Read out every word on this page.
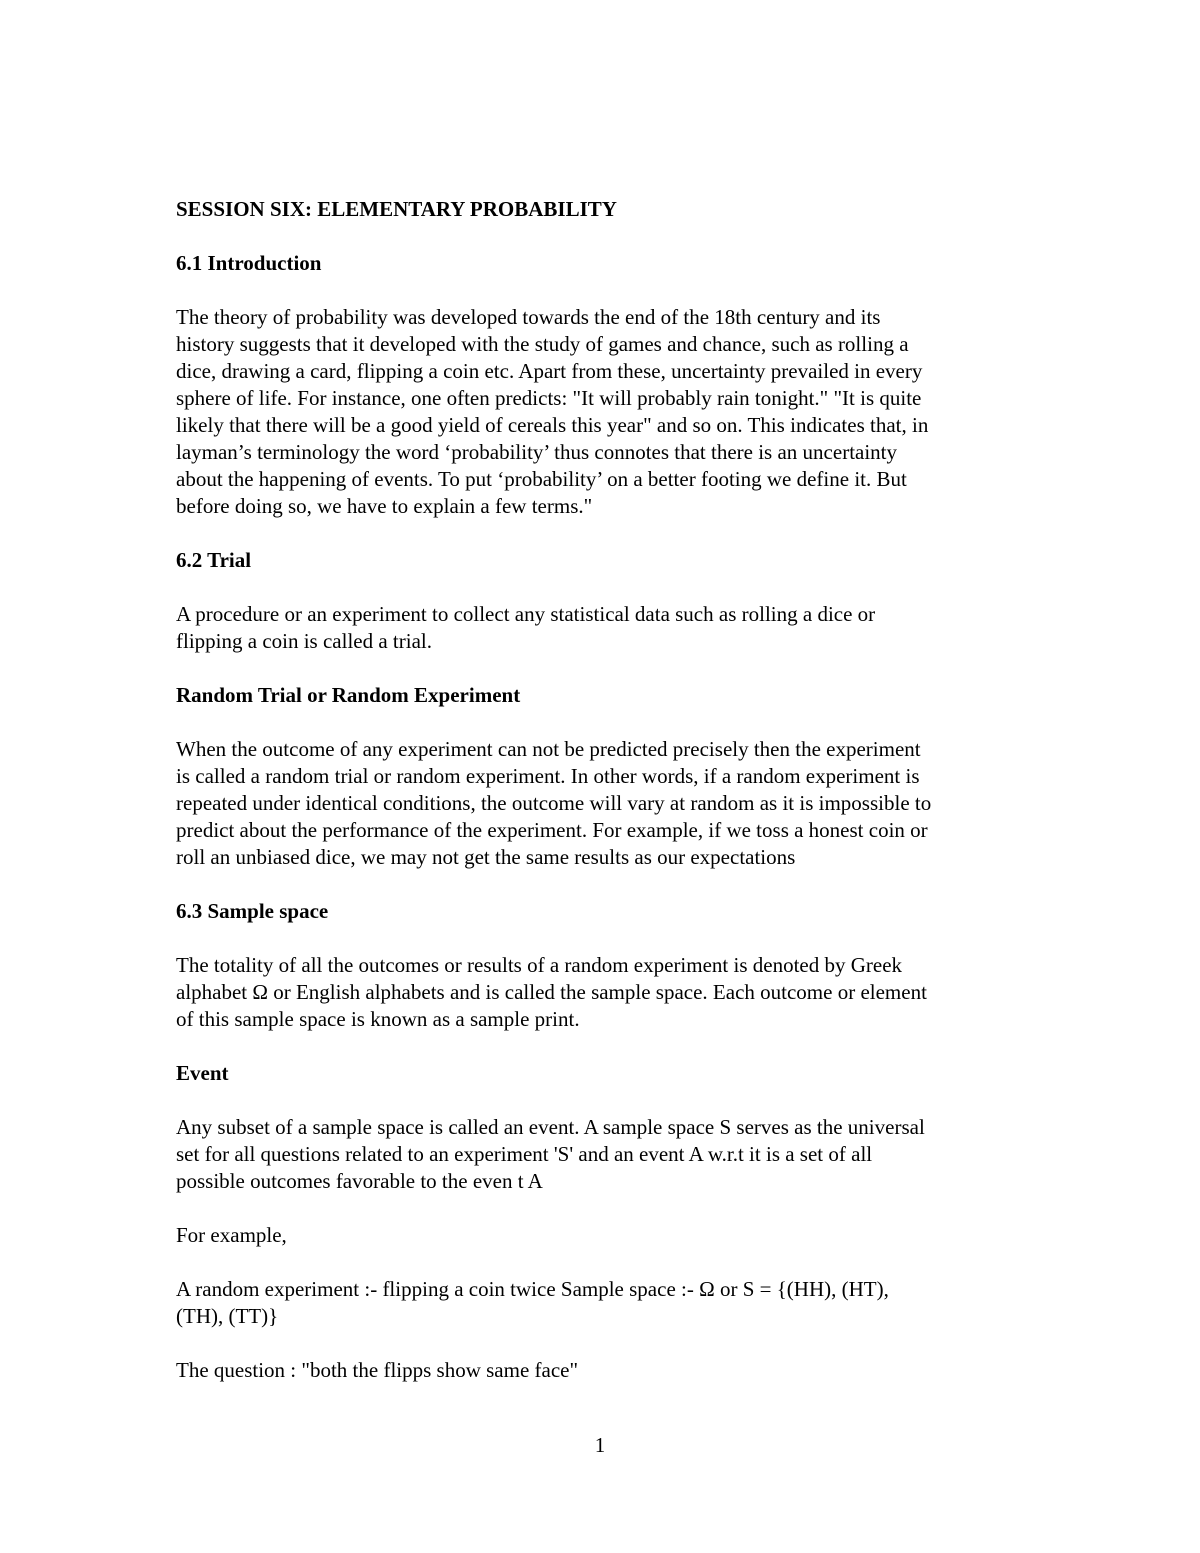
SESSION SIX: ELEMENTARY PROBABILITY
6.1 Introduction
The theory of probability was developed towards the end of the 18th century and its
history suggests that it developed with the study of games and chance, such as rolling a
dice, drawing a card, flipping a coin etc. Apart from these, uncertainty prevailed in every
sphere of life. For instance, one often predicts: "It will probably rain tonight." "It is quite
likely that there will be a good yield of cereals this year" and so on. This indicates that, in
layman’s terminology the word ‘probability’ thus connotes that there is an uncertainty
about the happening of events. To put ‘probability’ on a better footing we define it. But
before doing so, we have to explain a few terms."
6.2 Trial
A procedure or an experiment to collect any statistical data such as rolling a dice or
flipping a coin is called a trial.
Random Trial or Random Experiment
When the outcome of any experiment can not be predicted precisely then the experiment
is called a random trial or random experiment. In other words, if a random experiment is
repeated under identical conditions, the outcome will vary at random as it is impossible to
predict about the performance of the experiment. For example, if we toss a honest coin or
roll an unbiased dice, we may not get the same results as our expectations
6.3 Sample space
The totality of all the outcomes or results of a random experiment is denoted by Greek
alphabet Ω or English alphabets and is called the sample space. Each outcome or element
of this sample space is known as a sample print.
Event
Any subset of a sample space is called an event. A sample space S serves as the universal
set for all questions related to an experiment 'S' and an event A w.r.t it is a set of all
possible outcomes favorable to the even t A
For example,
A random experiment :- flipping a coin twice Sample space :- Ω or S = {(HH), (HT),
(TH), (TT)}
The question : "both the flipps show same face"
1
